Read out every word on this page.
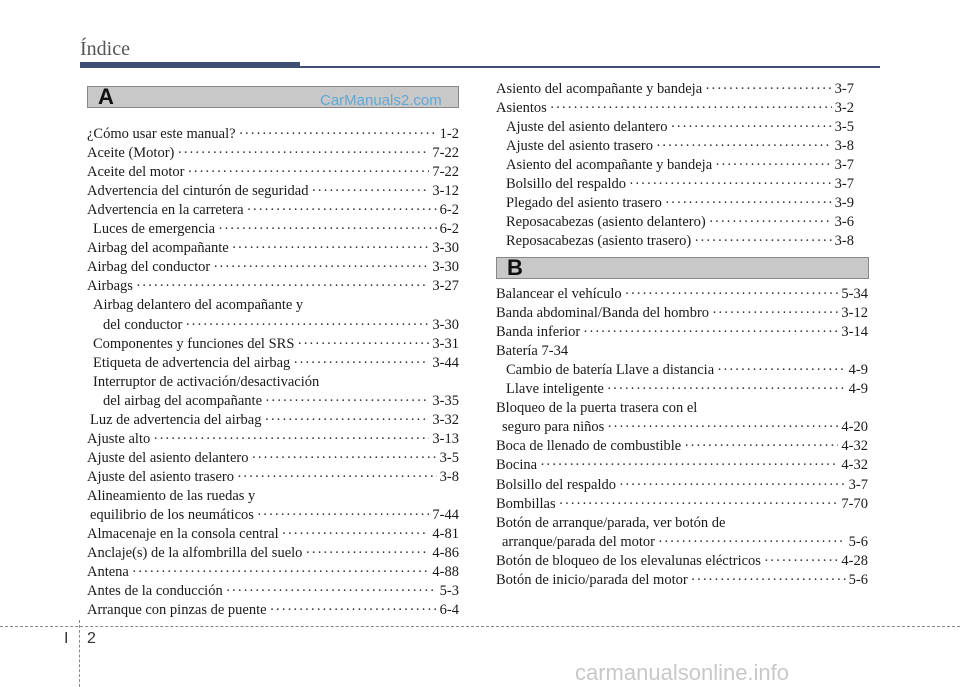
Índice
A	CarManuals2.com
¿Cómo usar este manual? ·····	1-2
Aceite (Motor) ·····	7-22
Aceite del motor ·····	7-22
Advertencia del cinturón de seguridad ·····	3-12
Advertencia en la carretera ·····	6-2
Luces de emergencia ·····	6-2
Airbag del acompañante ·····	3-30
Airbag del conductor ·····	3-30
Airbags ·····	3-27
Airbag delantero del acompañante y
del conductor ·····	3-30
Componentes y funciones del SRS ·····	3-31
Etiqueta de advertencia del airbag ·····	3-44
Interruptor de activación/desactivación
del airbag del acompañante ·····	3-35
Luz de advertencia del airbag ·····	3-32
Ajuste alto ·····	3-13
Ajuste del asiento delantero ·····	3-5
Ajuste del asiento trasero ·····	3-8
Alineamiento de las ruedas y
equilibrio de los neumáticos ·····	7-44
Almacenaje en la consola central ·····	4-81
Anclaje(s) de la alfombrilla del suelo ·····	4-86
Antena ·····	4-88
Antes de la conducción ·····	5-3
Arranque con pinzas de puente ·····	6-4
Asiento del acompañante y bandeja ·····	3-7
Asientos ·····	3-2
Ajuste del asiento delantero ·····	3-5
Ajuste del asiento trasero ·····	3-8
Asiento del acompañante y bandeja ·····	3-7
Bolsillo del respaldo ·····	3-7
Plegado del asiento trasero ·····	3-9
Reposacabezas (asiento delantero) ·····	3-6
Reposacabezas (asiento trasero) ·····	3-8
B
Balancear el vehículo ·····	5-34
Banda abdominal/Banda del hombro ·····	3-12
Banda inferior ·····	3-14
Batería 7-34
Cambio de batería Llave a distancia ·····	4-9
Llave inteligente ·····	4-9
Bloqueo de la puerta trasera con el
seguro para niños ·····	4-20
Boca de llenado de combustible ·····	4-32
Bocina ·····	4-32
Bolsillo del respaldo ·····	3-7
Bombillas ·····	7-70
Botón de arranque/parada, ver botón de
arranque/parada del motor ·····	5-6
Botón de bloqueo de los elevalunas eléctricos ·····	4-28
Botón de inicio/parada del motor ·····	5-6
I 2
carmanualsonline.info
